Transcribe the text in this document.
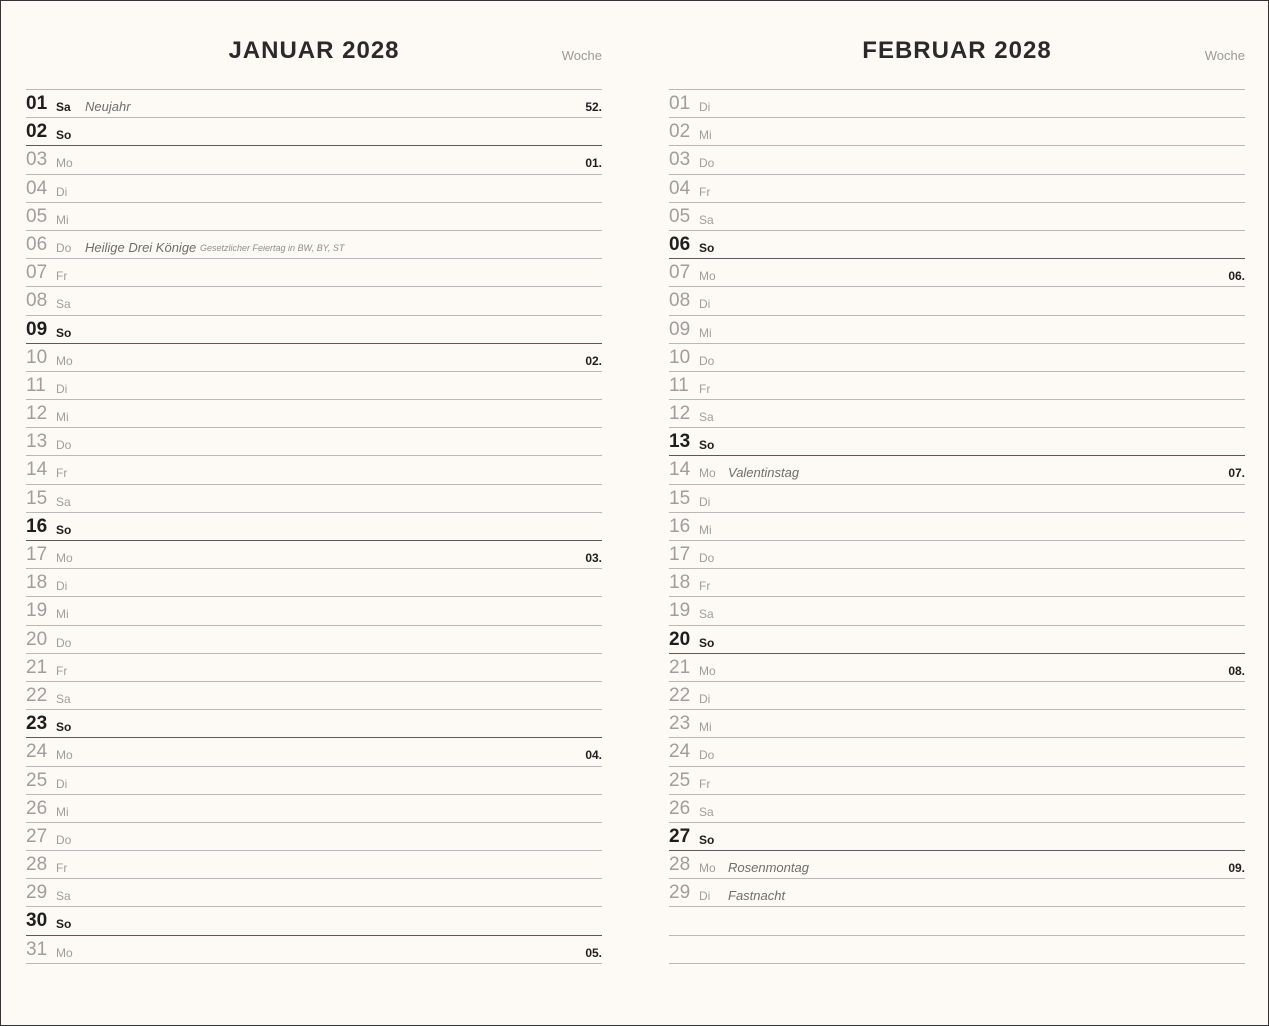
JANUAR 2028	Woche
01 Sa Neujahr	52.
02 So
03 Mo	01.
04 Di
05 Mi
06 Do Heilige Drei Könige Gesetzlicher Feiertag in BW, BY, ST
07 Fr
08 Sa
09 So
10 Mo	02.
11 Di
12 Mi
13 Do
14 Fr
15 Sa
16 So
17 Mo	03.
18 Di
19 Mi
20 Do
21 Fr
22 Sa
23 So
24 Mo	04.
25 Di
26 Mi
27 Do
28 Fr
29 Sa
30 So
31 Mo	05.
FEBRUAR 2028	Woche
01 Di
02 Mi
03 Do
04 Fr
05 Sa
06 So
07 Mo	06.
08 Di
09 Mi
10 Do
11 Fr
12 Sa
13 So
14 Mo Valentinstag	07.
15 Di
16 Mi
17 Do
18 Fr
19 Sa
20 So
21 Mo	08.
22 Di
23 Mi
24 Do
25 Fr
26 Sa
27 So
28 Mo Rosenmontag	09.
29 Di Fastnacht
